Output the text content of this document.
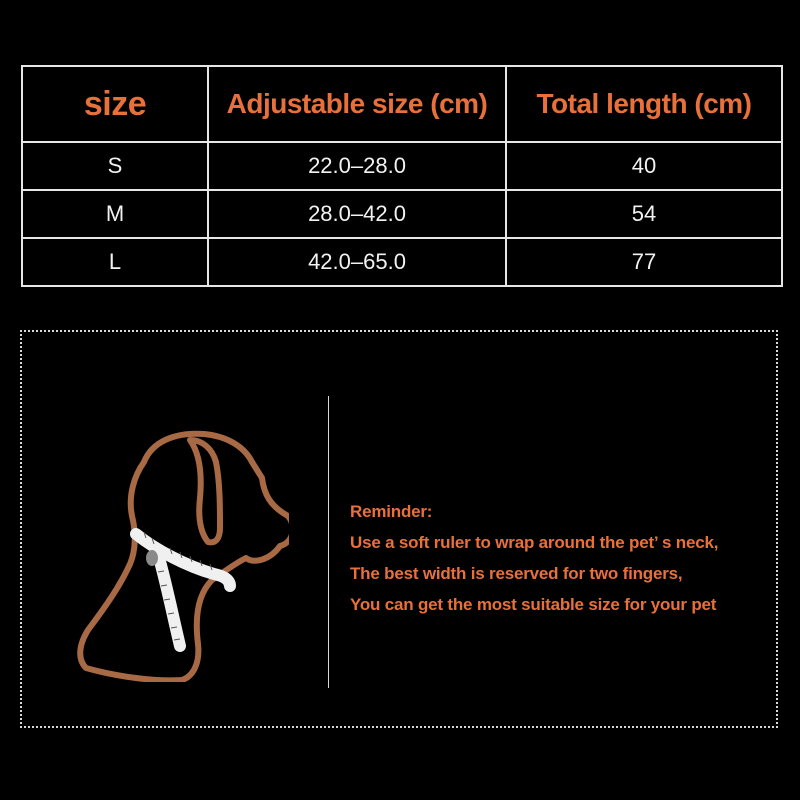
size	Adjustable size (cm)	Total length (cm)
S	22.0–28.0	40
M	28.0–42.0	54
L	42.0–65.0	77
Reminder:
Use a soft ruler to wrap around the pet’ s neck,
The best width is reserved for two fingers,
You can get the most suitable size for your pet
